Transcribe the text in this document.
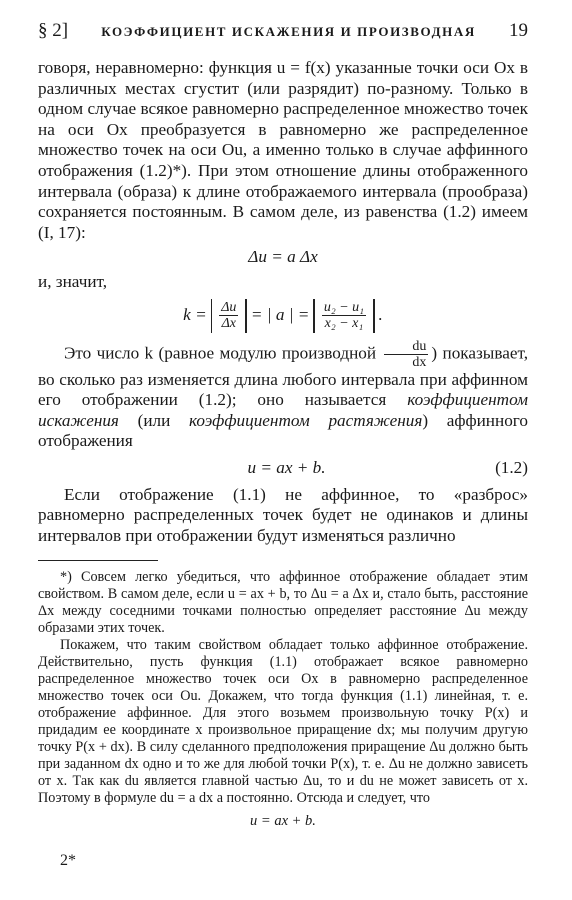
§ 2]	КОЭФФИЦИЕНТ ИСКАЖЕНИЯ И ПРОИЗВОДНАЯ 19

говоря, неравномерно: функция u = f(x) указанные точки оси Ox в различных местах сгустит (или разрядит) по-разному. Только в одном случае всякое равномерно распределенное множество точек на оси Ox преобразуется в равномерно же распределенное множество точек на оси Ou, а именно только в случае аффинного отображения (1.2)*). При этом отношение длины отображенного интервала (образа) к длине отображаемого интервала (прообраза) сохраняется постоянным. В самом деле, из равенства (1.2) имеем (I, 17):

Δu = a Δx

и, значит,

$k = \frac{\Delta u}{\Delta x}$ = | a | = $\frac{\text{u₂ − u₁}}{\text{x₂ − x₁}}$ .

Это число k (равное модулю производной $\frac{du}{dx}$ ) показывает, во сколько раз изменяется длина любого интервала при аффинном его отображении (1.2); оно называется коэффициентом искажения (или коэффициентом растяжения) аффинного отображения

u = ax + b.	(1.2)

Если отображение (1.1) не аффинное, то «разброс» равномерно распределенных точек будет не одинаков и длины интервалов при отображении будут изменяться различно

*) Совсем легко убедиться, что аффинное отображение обладает этим свойством. В самом деле, если u = ax + b, то Δu = a Δx и, стало быть, расстояние Δx между соседними точками полностью определяет расстояние Δu между образами этих точек.

Покажем, что таким свойством обладает только аффинное отображение. Действительно, пусть функция (1.1) отображает всякое равномерно распределенное множество точек оси Ox в равномерно распределенное множество точек оси Ou. Докажем, что тогда функция (1.1) линейная, т. е. отображение аффинное. Для этого возьмем произвольную точку P(x) и придадим ее координате x произвольное приращение dx; мы получим другую точку P(x + dx). В силу сделанного предположения приращение Δu должно быть при заданном dx одно и то же для любой точки P(x), т. е. Δu не должно зависеть от x. Так как du является главной частью Δu, то и du не может зависеть от x. Поэтому в формуле du = a dx a постоянно. Отсюда и следует, что

u = ax + b.
2*
